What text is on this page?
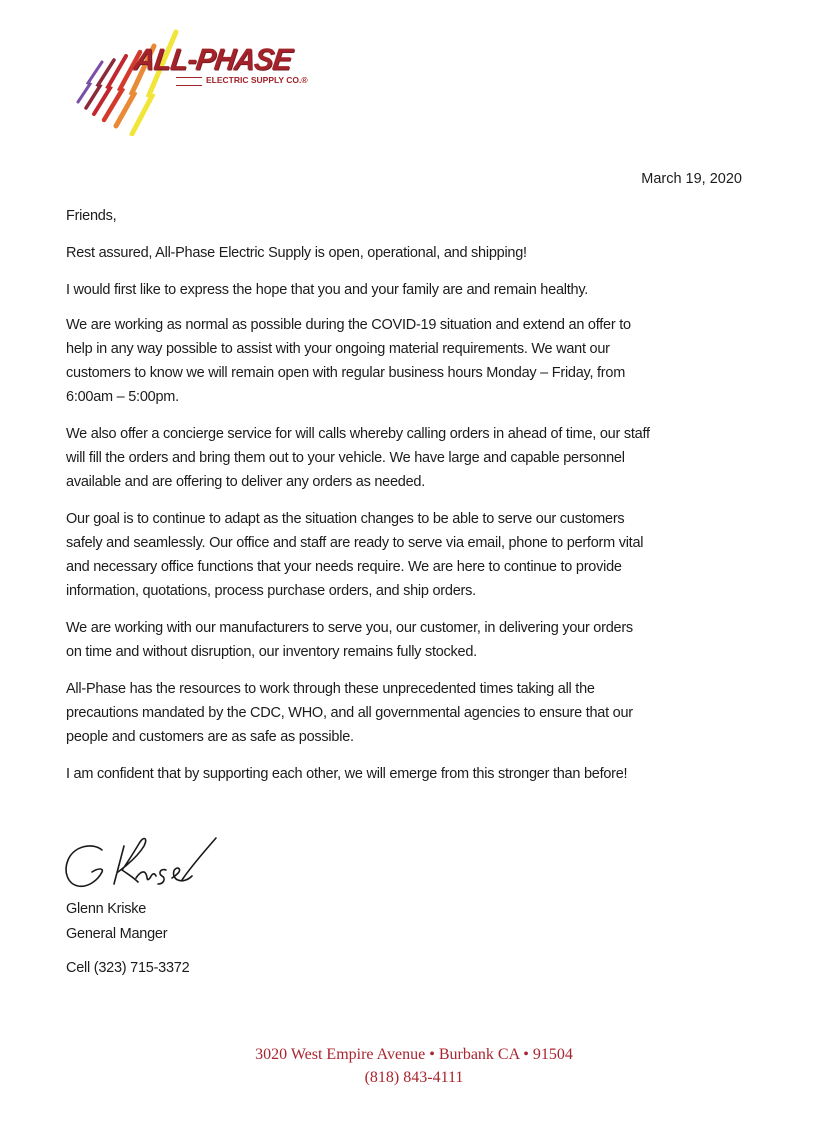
ALL-PHASE
ELECTRIC SUPPLY CO.®
March 19, 2020
Friends,
Rest assured, All-Phase Electric Supply is open, operational, and shipping!
I would first like to express the hope that you and your family are and remain healthy.
We are working as normal as possible during the COVID-19 situation and extend an offer to
help in any way possible to assist with your ongoing material requirements. We want our
customers to know we will remain open with regular business hours Monday – Friday, from
6:00am – 5:00pm.
We also offer a concierge service for will calls whereby calling orders in ahead of time, our staff
will fill the orders and bring them out to your vehicle. We have large and capable personnel
available and are offering to deliver any orders as needed.
Our goal is to continue to adapt as the situation changes to be able to serve our customers
safely and seamlessly. Our office and staff are ready to serve via email, phone to perform vital
and necessary office functions that your needs require. We are here to continue to provide
information, quotations, process purchase orders, and ship orders.
We are working with our manufacturers to serve you, our customer, in delivering your orders
on time and without disruption, our inventory remains fully stocked.
All-Phase has the resources to work through these unprecedented times taking all the
precautions mandated by the CDC, WHO, and all governmental agencies to ensure that our
people and customers are as safe as possible.
I am confident that by supporting each other, we will emerge from this stronger than before!
Glenn Kriske
General Manger
Cell (323) 715-3372
3020 West Empire Avenue • Burbank CA • 91504
(818) 843-4111
